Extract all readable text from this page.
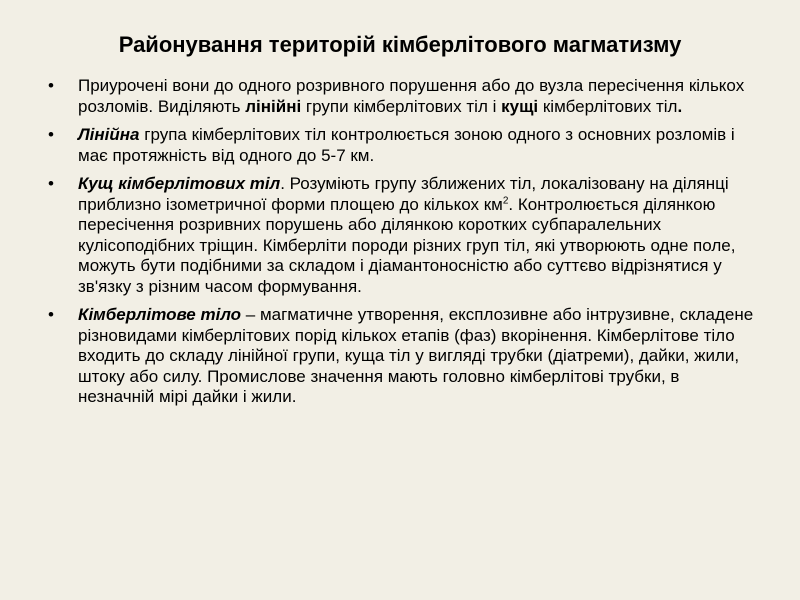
Районування територій кімберлітового магматизму
• Приурочені вони до одного розривного порушення або до вузла пересічення кількох розломів. Виділяють лінійні групи кімберлітових тіл і кущі кімберлітових тіл.
• Лінійна група кімберлітових тіл контролюється зоною одного з основних розломів і має протяжність від одного до 5-7 км.
• Кущ кімберлітових тіл. Розуміють групу зближених тіл, локалізовану на ділянці приблизно ізометричної форми площею до кількох $км^2$. Контролюється ділянкою пересічення розривних порушень або ділянкою коротких субпаралельних кулісоподібних тріщин. Кімберліти породи різних груп тіл, які утворюють одне поле, можуть бути подібними за складом і діамантоносністю або суттєво відрізнятися у зв'язку з різним часом формування.
• Кімберлітове тіло – магматичне утворення, експлозивне або інтрузивне, складене різновидами кімберлітових порід кількох етапів (фаз) вкорінення. Кімберлітове тіло входить до складу лінійної групи, куща тіл у вигляді трубки (діатреми), дайки, жили, штоку або силу. Промислове значення мають головно кімберлітові трубки, в незначній мірі дайки і жили.
